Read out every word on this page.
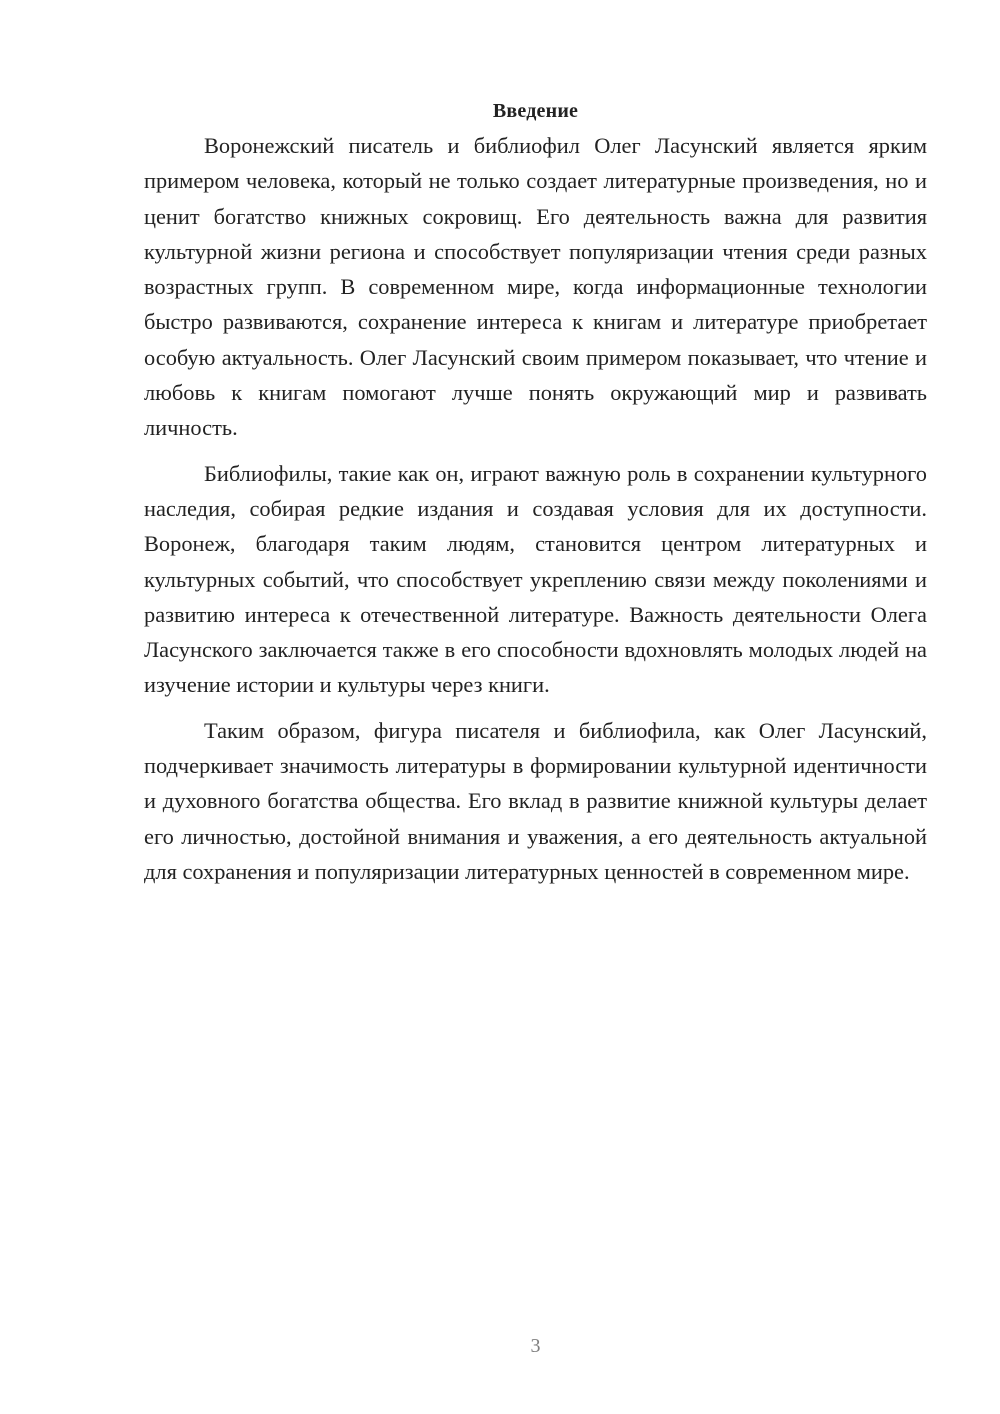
Введение

Воронежский писатель и библиофил Олег Ласунский является ярким примером человека, который не только создает литературные произведения, но и ценит богатство книжных сокровищ. Его деятельность важна для развития культурной жизни региона и способствует популяризации чтения среди разных возрастных групп. В современном мире, когда информационные технологии быстро развиваются, сохранение интереса к книгам и литературе приобретает особую актуальность. Олег Ласунский своим примером показывает, что чтение и любовь к книгам помогают лучше понять окружающий мир и развивать личность.

Библиофилы, такие как он, играют важную роль в сохранении культурного наследия, собирая редкие издания и создавая условия для их доступности. Воронеж, благодаря таким людям, становится центром литературных и культурных событий, что способствует укреплению связи между поколениями и развитию интереса к отечественной литературе. Важность деятельности Олега Ласунского заключается также в его способности вдохновлять молодых людей на изучение истории и культуры через книги.

Таким образом, фигура писателя и библиофила, как Олег Ласунский, подчеркивает значимость литературы в формировании культурной идентичности и духовного богатства общества. Его вклад в развитие книжной культуры делает его личностью, достойной внимания и уважения, а его деятельность актуальной для сохранения и популяризации литературных ценностей в современном мире.

3
